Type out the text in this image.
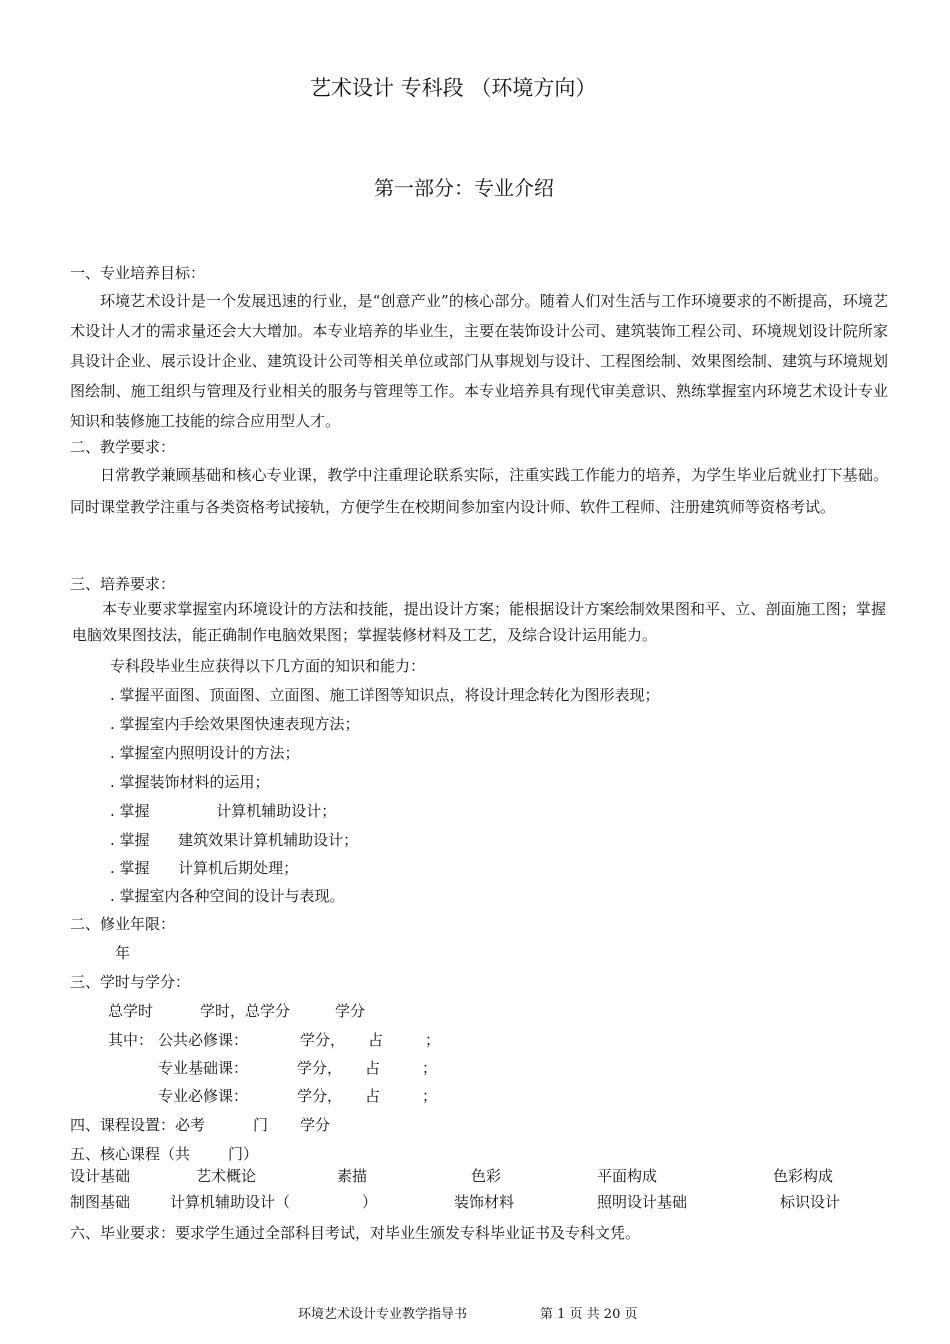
艺术设计 专科段 （环境方向）
第一部分：专业介绍
一、专业培养目标：
环境艺术设计是一个发展迅速的行业，是“创意产业”的核心部分。随着人们对生活与工作环境要求的不断提高，环境艺术设计人才的需求量还会大大增加。本专业培养的毕业生，主要在装饰设计公司、建筑装饰工程公司、环境规划设计院所家具设计企业、展示设计企业、建筑设计公司等相关单位或部门从事规划与设计、工程图绘制、效果图绘制、建筑与环境规划图绘制、施工组织与管理及行业相关的服务与管理等工作。本专业培养具有现代审美意识、熟练掌握室内环境艺术设计专业知识和装修施工技能的综合应用型人才。
二、教学要求：
日常教学兼顾基础和核心专业课，教学中注重理论联系实际，注重实践工作能力的培养，为学生毕业后就业打下基础。同时课堂教学注重与各类资格考试接轨，方便学生在校期间参加室内设计师、软件工程师、注册建筑师等资格考试。
三、培养要求：
本专业要求掌握室内环境设计的方法和技能，提出设计方案；能根据设计方案绘制效果图和平、立、剖面施工图；掌握电脑效果图技法，能正确制作电脑效果图；掌握装修材料及工艺，及综合设计运用能力。
专科段毕业生应获得以下几方面的知识和能力：
. 掌握平面图、顶面图、立面图、施工详图等知识点，将设计理念转化为图形表现；
. 掌握室内手绘效果图快速表现方法；
. 掌握室内照明设计的方法；
. 掌握装饰材料的运用；
. 掌握              计算机辅助设计；
. 掌握      建筑效果计算机辅助设计；
. 掌握      计算机后期处理；
. 掌握室内各种空间的设计与表现。
二、修业年限：
年
三、学时与学分：
总学时	学时，总学分	学分
其中： 公共必修课：	学分， 占	；
专业基础课：	学分， 占	；
专业必修课：	学分， 占	；
四、课程设置：必考	门 学分
五、核心课程（共	门）
设计基础	艺术概论	素描	色彩	平面构成	色彩构成
制图基础	计算机辅助设计（	）	装饰材料	照明设计基础	标识设计
六、毕业要求：要求学生通过全部科目考试，对毕业生颁发专科毕业证书及专科文凭。
环境艺术设计专业教学指导书	第 1 页 共 20 页
